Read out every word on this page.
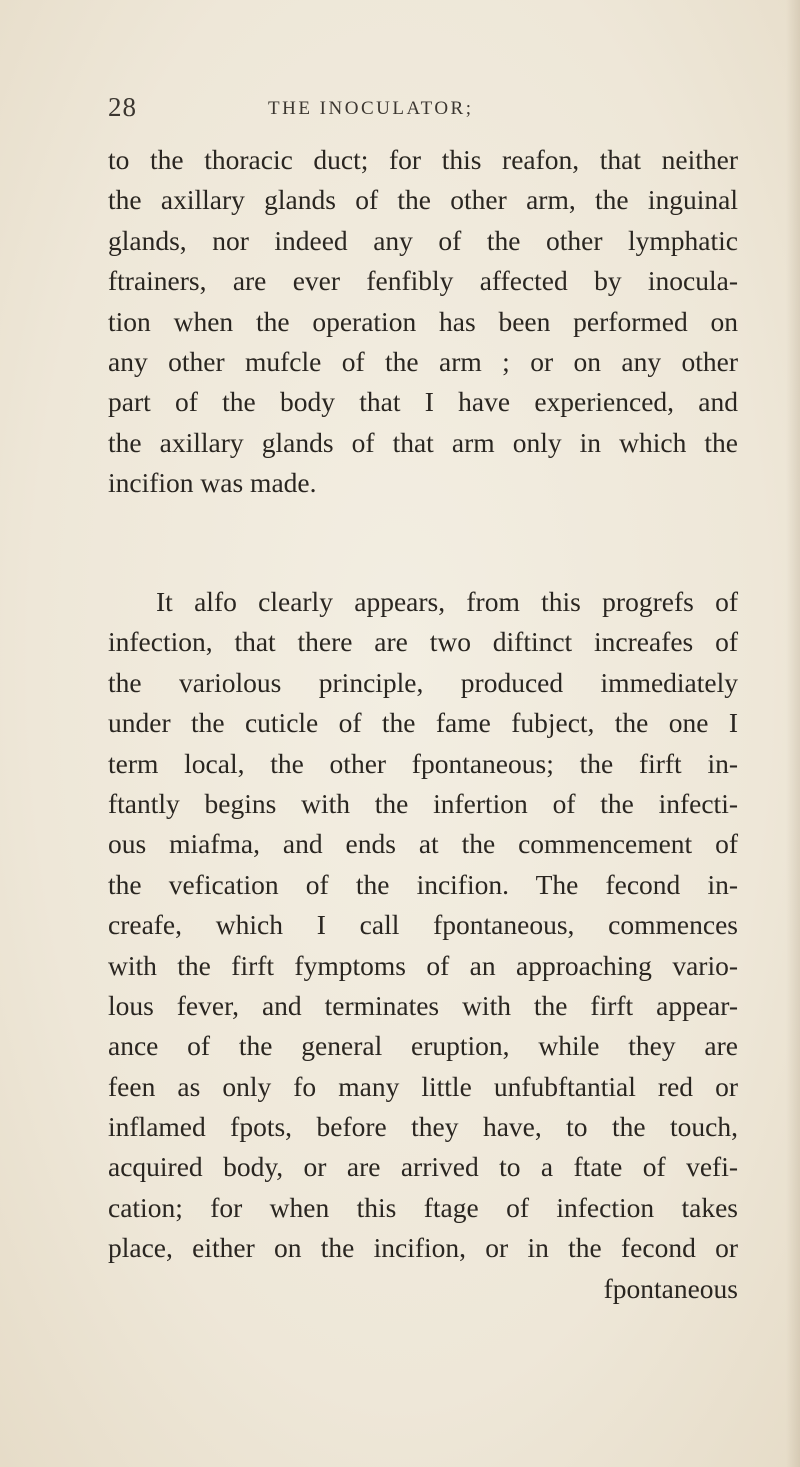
28	THE INOCULATOR;
to the thoracic duct; for this reafon, that neither
the axillary glands of the other arm, the inguinal
glands, nor indeed any of the other lymphatic
ftrainers, are ever fenfibly affected by inocula-
tion when the operation has been performed on
any other mufcle of the arm ; or on any other
part of the body that I have experienced, and
the axillary glands of that arm only in which the
incifion was made.
It alfo clearly appears, from this progrefs of
infection, that there are two diftinct increafes of
the variolous principle, produced immediately
under the cuticle of the fame fubject, the one I
term local, the other fpontaneous; the firft in-
ftantly begins with the infertion of the infecti-
ous miafma, and ends at the commencement of
the vefication of the incifion. The fecond in-
creafe, which I call fpontaneous, commences
with the firft fymptoms of an approaching vario-
lous fever, and terminates with the firft appear-
ance of the general eruption, while they are
feen as only fo many little unfubftantial red or
inflamed fpots, before they have, to the touch,
acquired body, or are arrived to a ftate of vefi-
cation; for when this ftage of infection takes
place, either on the incifion, or in the fecond or
fpontaneous
